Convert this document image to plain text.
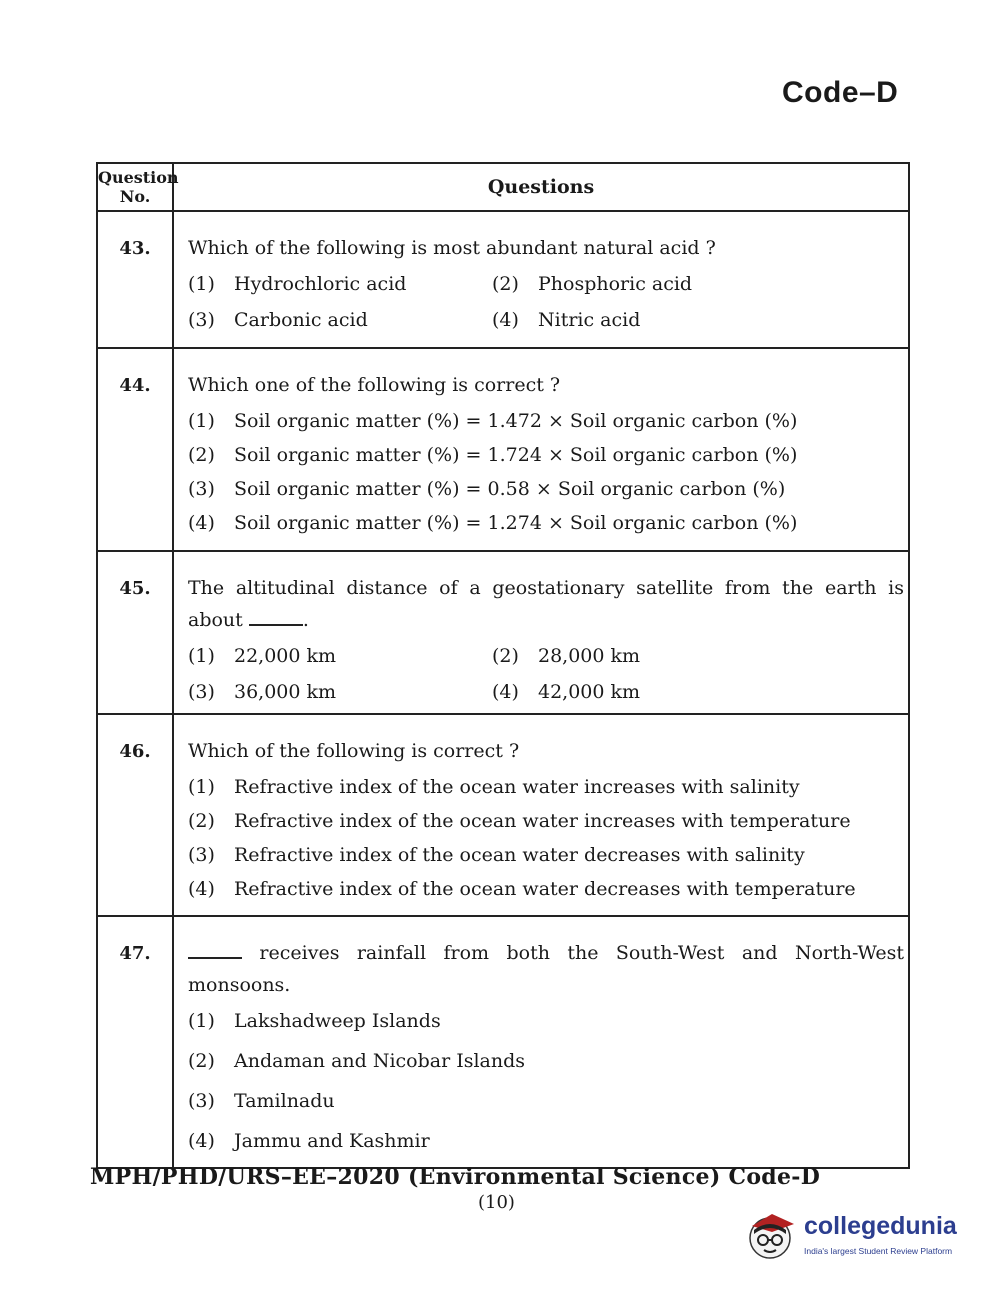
Code–D
Question
No.	Questions
43.	Which of the following is most abundant natural acid ?
(1) Hydrochloric acid (2) Phosphoric acid
(3) Carbonic acid (4) Nitric acid

44.	Which one of the following is correct ?
(1) Soil organic matter (%) = 1.472 × Soil organic carbon (%)
(2) Soil organic matter (%) = 1.724 × Soil organic carbon (%)
(3) Soil organic matter (%) = 0.58 × Soil organic carbon (%)
(4) Soil organic matter (%) = 1.274 × Soil organic carbon (%)

45.	The altitudinal distance of a geostationary satellite from the earth is about .
(1) 22,000 km (2) 28,000 km
(3) 36,000 km (4) 42,000 km

46.	Which of the following is correct ?
(1) Refractive index of the ocean water increases with salinity
(2) Refractive index of the ocean water increases with temperature
(3) Refractive index of the ocean water decreases with salinity
(4) Refractive index of the ocean water decreases with temperature

47.	receives rainfall from both the South-West and North-West monsoons.
(1) Lakshadweep Islands
(2) Andaman and Nicobar Islands
(3) Tamilnadu
(4) Jammu and Kashmir
MPH/PHD/URS–EE–2020 (Environmental Science) Code-D
(10)
collegedunia
India's largest Student Review Platform
